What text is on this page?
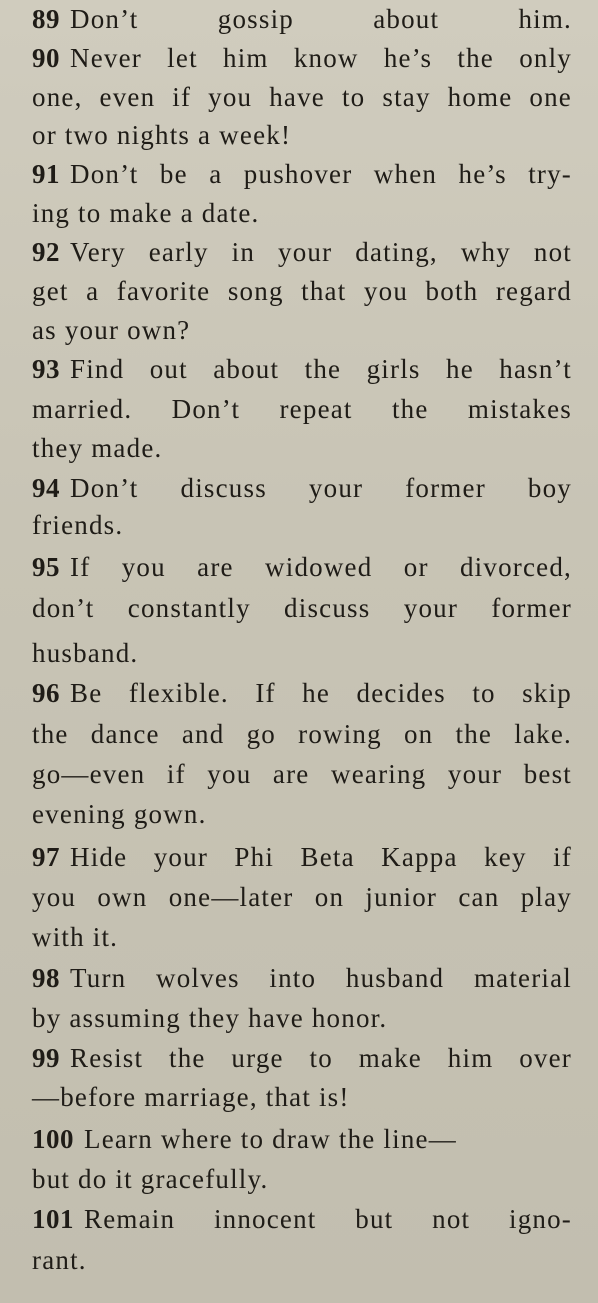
89 Don’t gossip about him.
90 Never let him know he’s the only
one, even if you have to stay home one
or two nights a week!
91 Don’t be a pushover when he’s try-
ing to make a date.
92 Very early in your dating, why not
get a favorite song that you both regard
as your own?
93 Find out about the girls he hasn’t
married. Don’t repeat the mistakes
they made.
94 Don’t discuss your former boy
friends.
95 If you are widowed or divorced,
don’t constantly discuss your former
husband.
96 Be flexible. If he decides to skip
the dance and go rowing on the lake.
go—even if you are wearing your best
evening gown.
97 Hide your Phi Beta Kappa key if
you own one—later on junior can play
with it.
98 Turn wolves into husband material
by assuming they have honor.
99 Resist the urge to make him over
—before marriage, that is!
100 Learn where to draw the line—
but do it gracefully.
101 Remain innocent but not igno-
rant.
